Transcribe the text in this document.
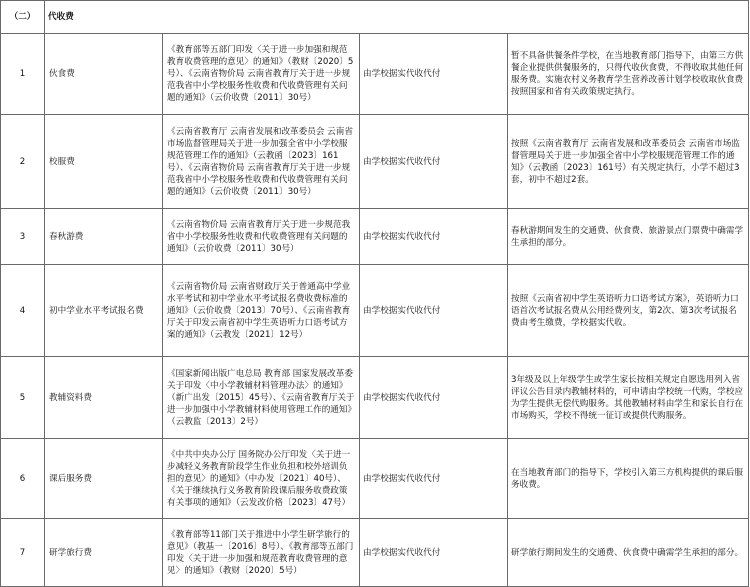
（二）	代收费			
1	伙食费	《教育部等五部门印发〈关于进一步加强和规范教育收费管理的意见〉的通知》（教财〔2020〕5号）、《云南省物价局 云南省教育厅关于进一步规范我省中小学校服务性收费和代收费管理有关问题的通知》（云价收费〔2011〕30号）	由学校据实代收代付	暂不具备供餐条件学校，在当地教育部门指导下，由第三方供餐企业提供供餐服务的，只得代收伙食费，不得收取其他任何服务费。实施农村义务教育学生营养改善计划学校收取伙食费按照国家和省有关政策规定执行。
2	校服费	《云南省教育厅 云南省发展和改革委员会 云南省市场监督管理局关于进一步加强全省中小学校服规范管理工作的通知》（云教函〔2023〕161号）、《云南省物价局 云南省教育厅关于进一步规范我省中小学校服务性收费和代收费管理有关问题的通知》（云价收费〔2011〕30号）	由学校据实代收代付	按照《云南省教育厅 云南省发展和改革委员会 云南省市场监督管理局关于进一步加强全省中小学校服规范管理工作的通知》（云教函〔2023〕161号）有关规定执行，小学不超过3套，初中不超过2套。
3	春秋游费	《云南省物价局 云南省教育厅关于进一步规范我省中小学校服务性收费和代收费管理有关问题的通知》（云价收费〔2011〕30号）	由学校据实代收代付	春秋游期间发生的交通费、伙食费、旅游景点门票费中确需学生承担的部分。
4	初中学业水平考试报名费	《云南省物价局 云南省财政厅关于普通高中学业水平考试和初中学业水平考试报名费收费标准的通知》（云价收费〔2013〕70号）、《云南省教育厅关于印发云南省初中学生英语听力口语考试方案的通知》（云教发〔2021〕12号）	由学校据实代收代付	按照《云南省初中学生英语听力口语考试方案》，英语听力口语首次考试报名费从公用经费列支，第2次、第3次考试报名费由考生缴费，学校据实代收。
5	教辅资料费	《国家新闻出版广电总局 教育部 国家发展改革委关于印发〈中小学教辅材料管理办法〉的通知》（新广出发〔2015〕45号）、《云南省教育厅关于进一步加强中小学教辅材料使用管理工作的通知》（云教监〔2013〕2号）	由学校据实代收代付	3年级及以上年级学生或学生家长按相关规定自愿选用列入省评议公告目录内教辅材料的，可申请由学校统一代购，学校应为学生提供无偿代购服务。其他教辅材料由学生和家长自行在市场购买，学校不得统一征订或提供代购服务。
6	课后服务费	《中共中央办公厅 国务院办公厅印发〈关于进一步减轻义务教育阶段学生作业负担和校外培训负担的意见〉的通知》（中办发〔2021〕40号）、《关于继续执行义务教育阶段课后服务收费政策有关事项的通知》（云发改价格〔2023〕47号）	由学校据实代收代付	在当地教育部门的指导下，学校引入第三方机构提供的课后服务收费。
7	研学旅行费	《教育部等11部门关于推进中小学生研学旅行的意见》（教基一〔2016〕8号）、《教育部等五部门印发〈关于进一步加强和规范教育收费管理的意见〉的通知》（教财〔2020〕5号）	由学校据实代收代付	研学旅行期间发生的交通费、伙食费中确需学生承担的部分。
